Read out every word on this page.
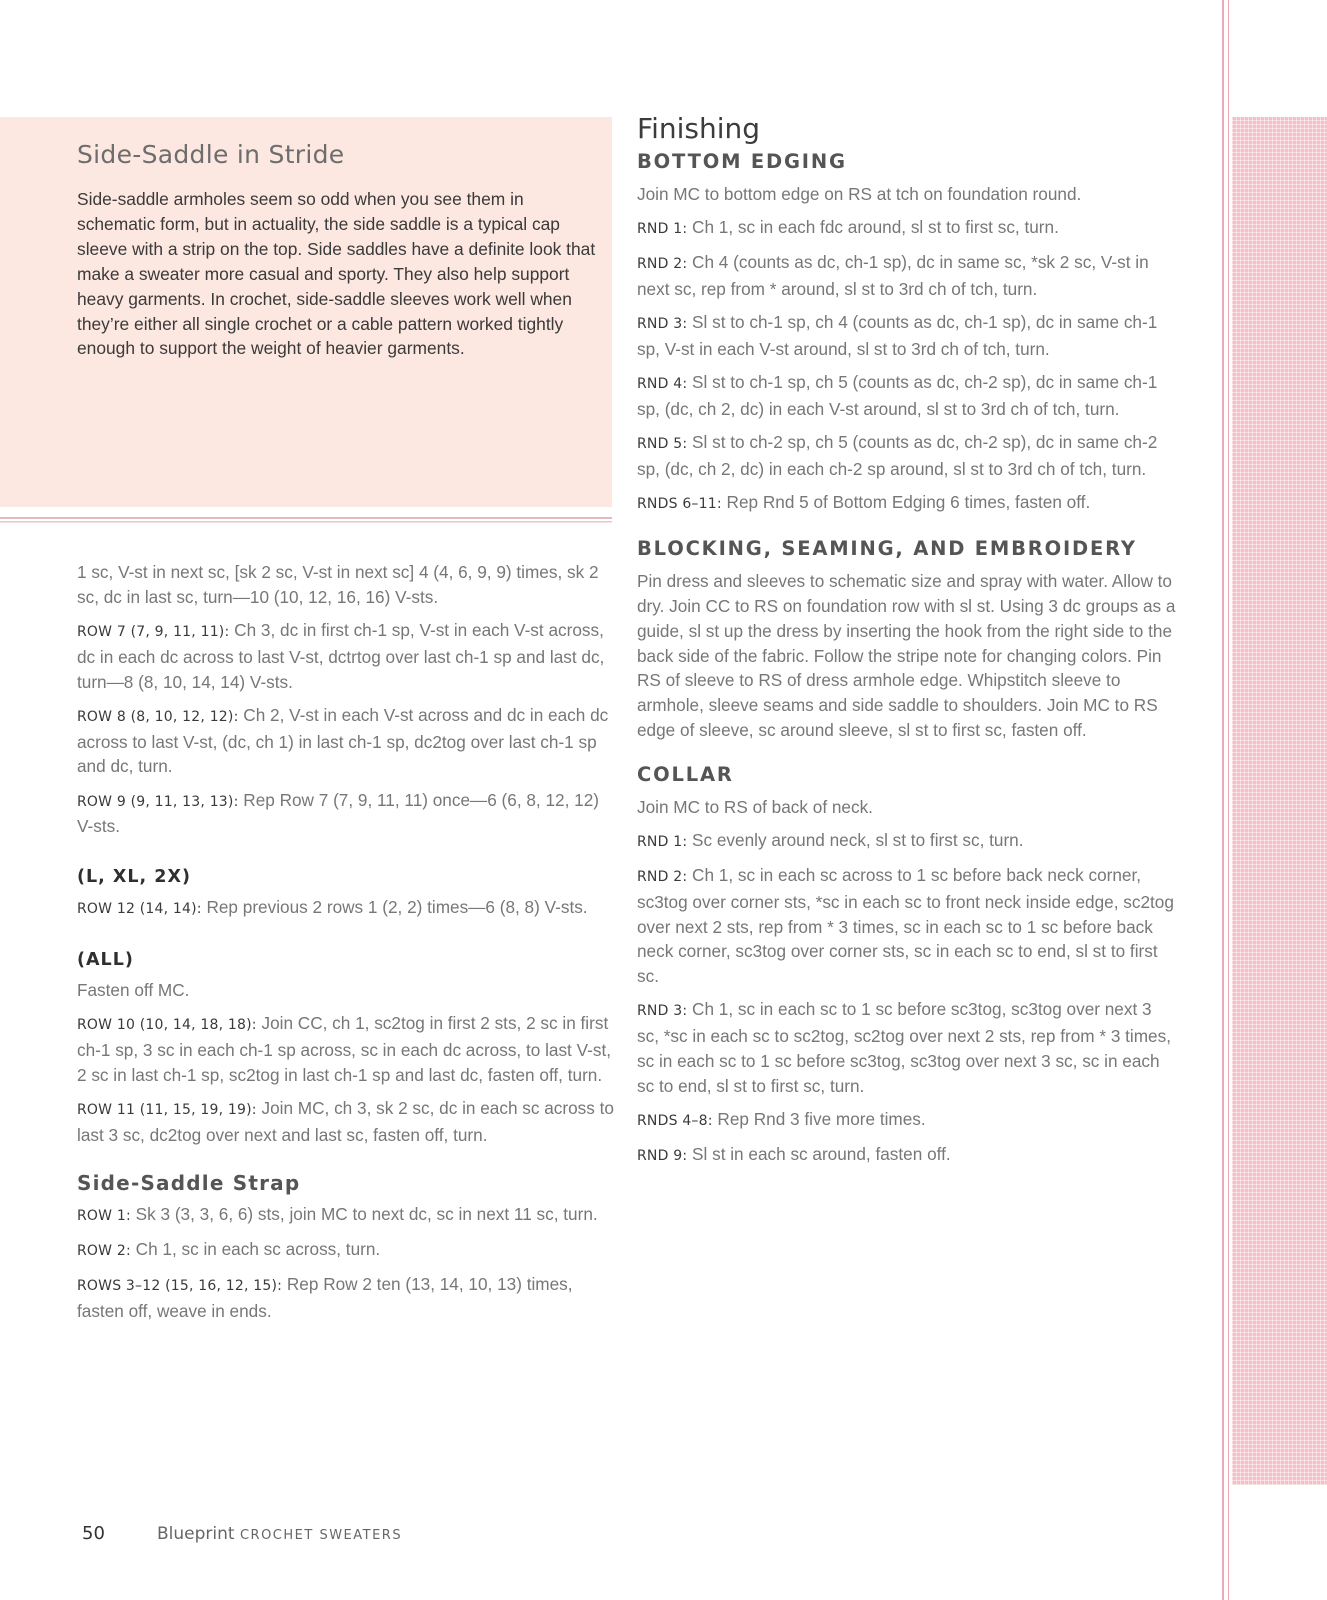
Side-Saddle in Stride

Side-saddle armholes seem so odd when you see them in schematic form, but in actuality, the side saddle is a typical cap sleeve with a strip on the top. Side saddles have a definite look that make a sweater more casual and sporty. They also help support heavy garments. In crochet, side-saddle sleeves work well when they’re either all single crochet or a cable pattern worked tightly enough to support the weight of heavier garments.

1 sc, V-st in next sc, [sk 2 sc, V-st in next sc] 4 (4, 6, 9, 9) times, sk 2 sc, dc in last sc, turn—10 (10, 12, 16, 16) V-sts.

ROW 7 (7, 9, 11, 11): Ch 3, dc in first ch-1 sp, V-st in each V-st across, dc in each dc across to last V-st, dctrtog over last ch-1 sp and last dc, turn—8 (8, 10, 14, 14) V-sts.

ROW 8 (8, 10, 12, 12): Ch 2, V-st in each V-st across and dc in each dc across to last V-st, (dc, ch 1) in last ch-1 sp, dc2tog over last ch-1 sp and dc, turn.

ROW 9 (9, 11, 13, 13): Rep Row 7 (7, 9, 11, 11) once—6 (6, 8, 12, 12) V-sts.

(L, XL, 2X)

ROW 12 (14, 14): Rep previous 2 rows 1 (2, 2) times—6 (8, 8) V-sts.

(ALL)

Fasten off MC.

ROW 10 (10, 14, 18, 18): Join CC, ch 1, sc2tog in first 2 sts, 2 sc in first ch-1 sp, 3 sc in each ch-1 sp across, sc in each dc across, to last V-st, 2 sc in last ch-1 sp, sc2tog in last ch-1 sp and last dc, fasten off, turn.

ROW 11 (11, 15, 19, 19): Join MC, ch 3, sk 2 sc, dc in each sc across to last 3 sc, dc2tog over next and last sc, fasten off, turn.

Side-Saddle Strap

ROW 1: Sk 3 (3, 3, 6, 6) sts, join MC to next dc, sc in next 11 sc, turn.

ROW 2: Ch 1, sc in each sc across, turn.

ROWS 3–12 (15, 16, 12, 15): Rep Row 2 ten (13, 14, 10, 13) times, fasten off, weave in ends.

Finishing
BOTTOM EDGING

Join MC to bottom edge on RS at tch on foundation round.

RND 1: Ch 1, sc in each fdc around, sl st to first sc, turn.

RND 2: Ch 4 (counts as dc, ch-1 sp), dc in same sc, *sk 2 sc, V-st in next sc, rep from * around, sl st to 3rd ch of tch, turn.

RND 3: Sl st to ch-1 sp, ch 4 (counts as dc, ch-1 sp), dc in same ch-1 sp, V-st in each V-st around, sl st to 3rd ch of tch, turn.

RND 4: Sl st to ch-1 sp, ch 5 (counts as dc, ch-2 sp), dc in same ch-1 sp, (dc, ch 2, dc) in each V-st around, sl st to 3rd ch of tch, turn.

RND 5: Sl st to ch-2 sp, ch 5 (counts as dc, ch-2 sp), dc in same ch-2 sp, (dc, ch 2, dc) in each ch-2 sp around, sl st to 3rd ch of tch, turn.

RNDS 6–11: Rep Rnd 5 of Bottom Edging 6 times, fasten off.

BLOCKING, SEAMING, AND EMBROIDERY

Pin dress and sleeves to schematic size and spray with water. Allow to dry. Join CC to RS on foundation row with sl st. Using 3 dc groups as a guide, sl st up the dress by inserting the hook from the right side to the back side of the fabric. Follow the stripe note for changing colors. Pin RS of sleeve to RS of dress armhole edge. Whipstitch sleeve to armhole, sleeve seams and side saddle to shoulders. Join MC to RS edge of sleeve, sc around sleeve, sl st to first sc, fasten off.

COLLAR

Join MC to RS of back of neck.

RND 1: Sc evenly around neck, sl st to first sc, turn.

RND 2: Ch 1, sc in each sc across to 1 sc before back neck corner, sc3tog over corner sts, *sc in each sc to front neck inside edge, sc2tog over next 2 sts, rep from * 3 times, sc in each sc to 1 sc before back neck corner, sc3tog over corner sts, sc in each sc to end, sl st to first sc.

RND 3: Ch 1, sc in each sc to 1 sc before sc3tog, sc3tog over next 3 sc, *sc in each sc to sc2tog, sc2tog over next 2 sts, rep from * 3 times, sc in each sc to 1 sc before sc3tog, sc3tog over next 3 sc, sc in each sc to end, sl st to first sc, turn.

RNDS 4–8: Rep Rnd 3 five more times.

RND 9: Sl st in each sc around, fasten off.

50	Blueprint CROCHET SWEATERS
